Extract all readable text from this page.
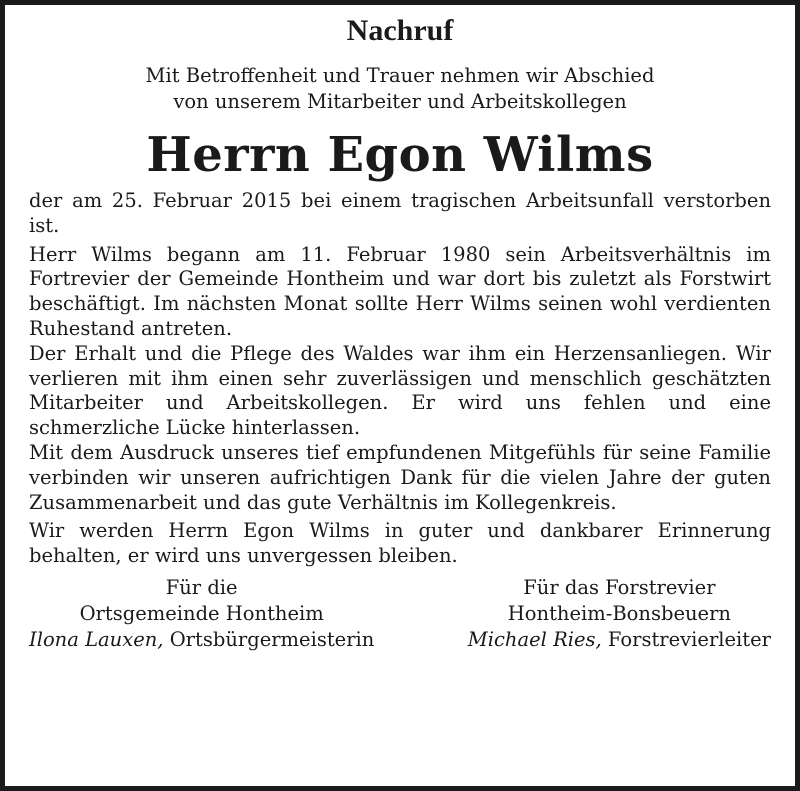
Nachruf
Mit Betroffenheit und Trauer nehmen wir Abschied
von unserem Mitarbeiter und Arbeitskollegen
Herrn Egon Wilms

der am 25. Februar 2015 bei einem tragischen Arbeitsunfall verstorben ist.

Herr Wilms begann am 11. Februar 1980 sein Arbeitsverhältnis im Fortrevier der Gemeinde Hontheim und war dort bis zuletzt als Forstwirt beschäftigt. Im nächsten Monat sollte Herr Wilms seinen wohl verdienten Ruhestand antreten.

Der Erhalt und die Pflege des Waldes war ihm ein Herzensanliegen. Wir verlieren mit ihm einen sehr zuverlässigen und menschlich geschätzten Mitarbeiter und Arbeitskollegen. Er wird uns fehlen und eine schmerzliche Lücke hinterlassen.

Mit dem Ausdruck unseres tief empfundenen Mitgefühls für seine Familie verbinden wir unseren aufrichtigen Dank für die vielen Jahre der guten Zusammenarbeit und das gute Verhältnis im Kollegenkreis.

Wir werden Herrn Egon Wilms in guter und dankbarer Erinnerung behalten, er wird uns unvergessen bleiben.

Für die
Ortsgemeinde Hontheim
Ilona Lauxen, Ortsbürgermeisterin
Für das Forstrevier
Hontheim-Bonsbeuern
Michael Ries, Forstrevierleiter
